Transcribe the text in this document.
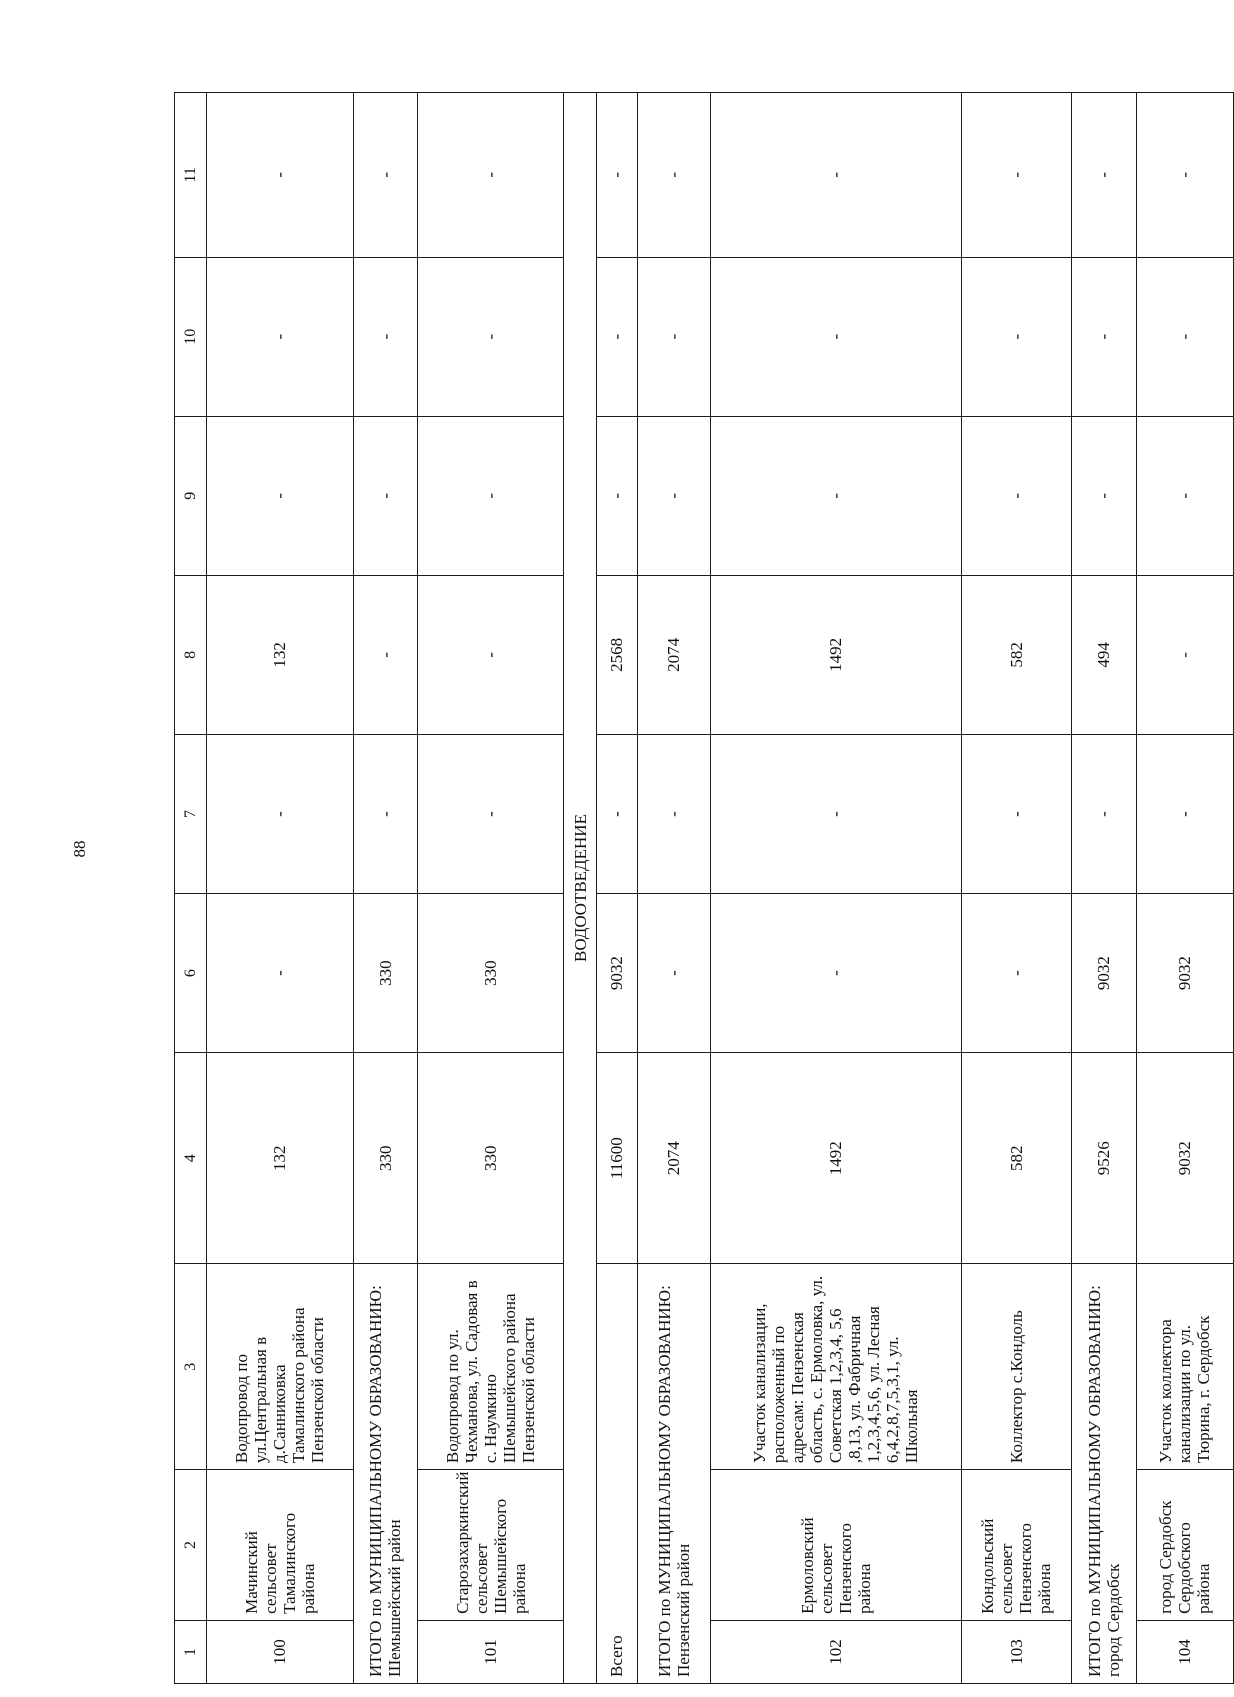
88
1	2	3	4	6	7	8	9	10	11
100	Мачинский сельсовет Тамалинского района	Водопровод по ул.Центральная в д.Санниковка Тамалинского района Пензенской области	132	-	-	132	-	-	-
ИТОГО по МУНИЦИПАЛЬНОМУ ОБРАЗОВАНИЮ: Шемышейский район			330	330	-	-	-	-	-
101	Старозахаркинский сельсовет Шемышейского района	Водопровод по ул. Чехманова, ул. Садовая в с. Наумкино Шемышейского района Пензенской области	330	330	-	-	-	-	-
ВОДООТВЕДЕНИЕ									
Всего			11600	9032	-	2568	-	-	-
ИТОГО по МУНИЦИПАЛЬНОМУ ОБРАЗОВАНИЮ: Пензенский район			2074	-	-	2074	-	-	-
102	Ермоловский сельсовет Пензенского района	Участок канализации, расположенный по адресам: Пензенская область, с. Ермоловка, ул. Советская 1,2,3,4, 5,6 ,8,13, ул. Фабричная 1,2,3,4,5,6, ул. Лесная 6,4,2,8,7,5,3,1, ул. Школьная	1492	-	-	1492	-	-	-
103	Кондольский сельсовет Пензенского района	Коллектор с.Кондоль	582	-	-	582	-	-	-
ИТОГО по МУНИЦИПАЛЬНОМУ ОБРАЗОВАНИЮ: город Сердобск			9526	9032	-	494	-	-	-
104	город Сердобск Сердобского района	Участок коллектора канализации по ул. Тюрина, г. Сердобск	9032	9032	-	-	-	-	-
